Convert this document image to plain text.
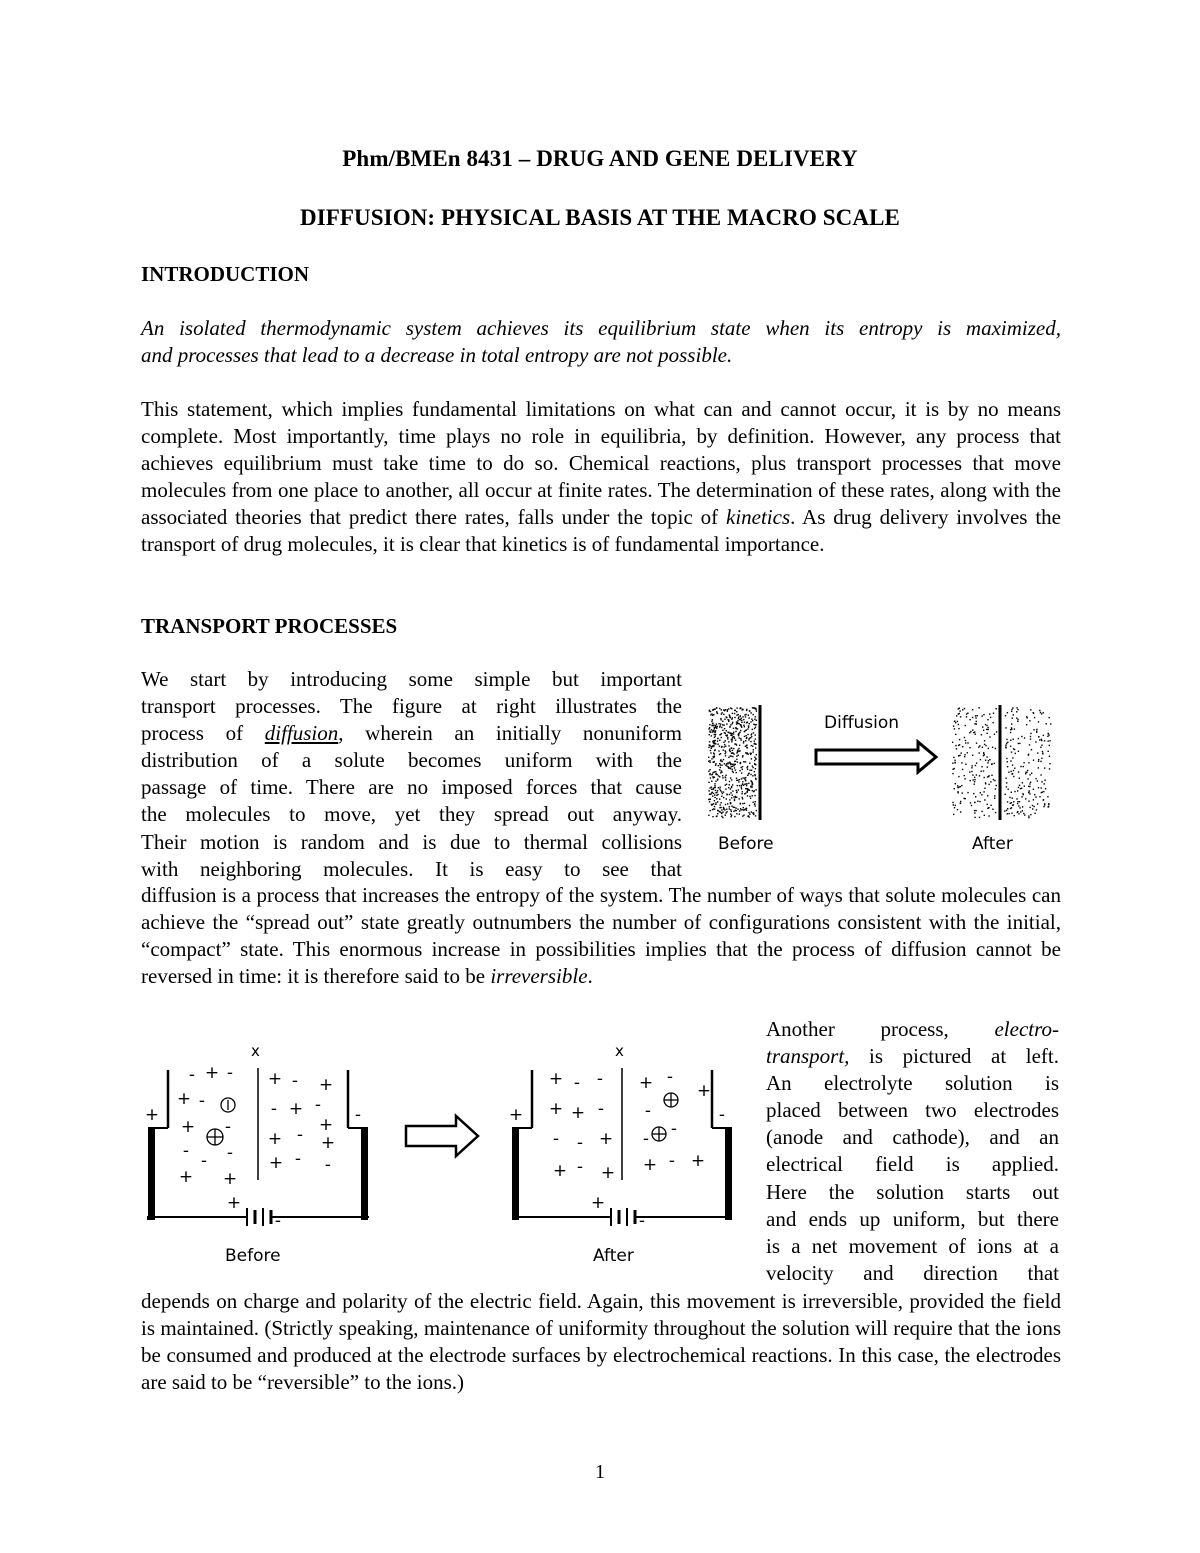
Phm/BMEn 8431 – DRUG AND GENE DELIVERY
DIFFUSION: PHYSICAL BASIS AT THE MACRO SCALE
INTRODUCTION
An isolated thermodynamic system achieves its equilibrium state when its entropy is maximized,
and processes that lead to a decrease in total entropy are not possible.
This statement, which implies fundamental limitations on what can and cannot occur, it is by no means complete. Most importantly, time plays no role in equilibria, by definition. However, any process that achieves equilibrium must take time to do so. Chemical reactions, plus transport processes that move molecules from one place to another, all occur at finite rates. The determination of these rates, along with the associated theories that predict there rates, falls under the topic of kinetics. As drug delivery involves the transport of drug molecules, it is clear that kinetics is of fundamental importance.
TRANSPORT PROCESSES
We start by introducing some simple but important
transport processes. The figure at right illustrates the
process of diffusion, wherein an initially nonuniform
distribution of a solute becomes uniform with the
passage of time. There are no imposed forces that cause
the molecules to move, yet they spread out anyway.
Their motion is random and is due to thermal collisions
with neighboring molecules. It is easy to see that
Diffusion
Before	After
diffusion is a process that increases the entropy of the system. The number of ways that solute molecules can achieve the “spread out” state greatly outnumbers the number of configurations consistent with the initial, “compact” state. This enormous increase in possibilities implies that the process of diffusion cannot be reversed in time: it is therefore said to be irreversible.
- + -
+ -
+ -
- - -
+ +
+ - +
- + -
+
+ - +
+ - -
+	-
+
-
+ - -
+ + -
- - +
+ - +
+ -
+
-
-
-
-
+ +
+	-
+
-
x	x
Before	After
Another process, electro-
transport, is pictured at left.
An electrolyte solution is
placed between two electrodes
(anode and cathode), and an
electrical field is applied.
Here the solution starts out
and ends up uniform, but there
is a net movement of ions at a
velocity and direction that
depends on charge and polarity of the electric field. Again, this movement is irreversible, provided the field is maintained. (Strictly speaking, maintenance of uniformity throughout the solution will require that the ions be consumed and produced at the electrode surfaces by electrochemical reactions. In this case, the electrodes are said to be “reversible” to the ions.)
1
